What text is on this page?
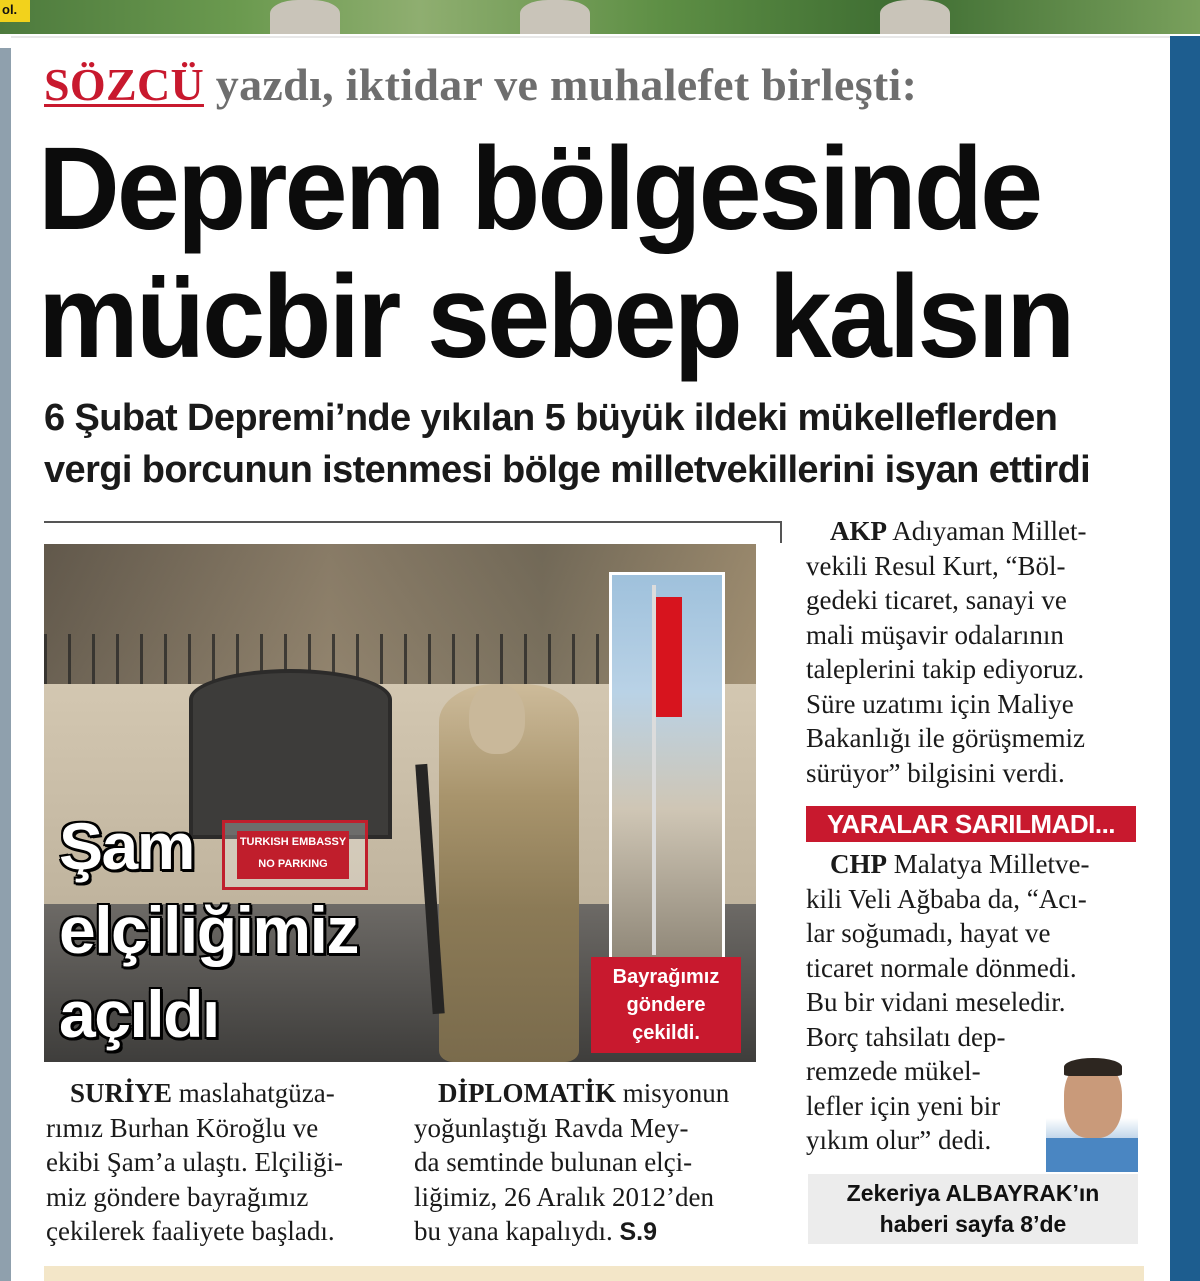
ol.
SÖZCÜ yazdı, iktidar ve muhalefet birleşti:
Deprem bölgesinde
mücbir sebep kalsın
6 Şubat Depremi’nde yıkılan 5 büyük ildeki mükelleflerden
vergi borcunun istenmesi bölge milletvekillerini isyan ettirdi
TURKISH EMBASSY
NO PARKING
Şam
elçiliğimiz
açıldı	Bayrağımız
göndere
çekildi.
SURİYE maslahatgüza-
rımız Burhan Köroğlu ve
ekibi Şam’a ulaştı. Elçiliği-
miz göndere bayrağımız
çekilerek faaliyete başladı.
DİPLOMATİK misyonun
yoğunlaştığı Ravda Mey-
da semtinde bulunan elçi-
liğimiz, 26 Aralık 2012’den
bu yana kapalıydı. S.9
AKP Adıyaman Millet-
vekili Resul Kurt, “Böl-
gedeki ticaret, sanayi ve
mali müşavir odalarının
taleplerini takip ediyoruz.
Süre uzatımı için Maliye
Bakanlığı ile görüşmemiz
sürüyor” bilgisini verdi.
YARALAR SARILMADI...
CHP Malatya Milletve-
kili Veli Ağbaba da, “Acı-
lar soğumadı, hayat ve
ticaret normale dönmedi.
Bu bir vidani meseledir.
Borç tahsilatı dep-
remzede mükel-
lefler için yeni bir
yıkım olur” dedi.
Zekeriya ALBAYRAK’ın
haberi sayfa 8’de
